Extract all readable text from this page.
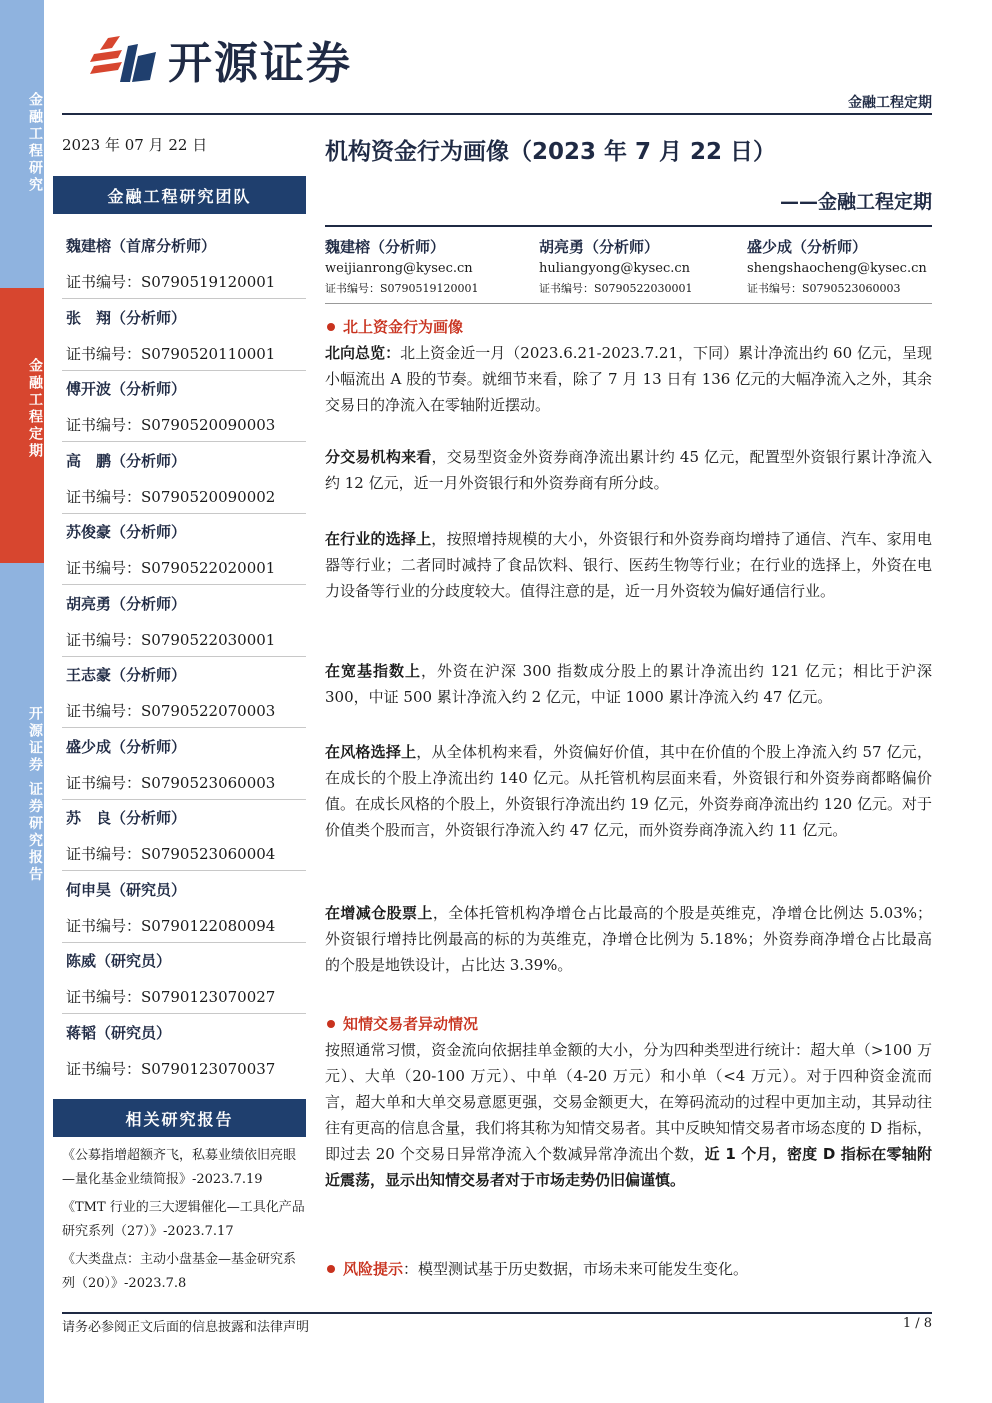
金融工程研究
金融工程定期
开源证券 证券研究报告
开源证券
金融工程定期
2023 年 07 月 22 日
金融工程研究团队
魏建榕（首席分析师）
证书编号：S0790519120001
张　翔（分析师）
证书编号：S0790520110001
傅开波（分析师）
证书编号：S0790520090003
高　鹏（分析师）
证书编号：S0790520090002
苏俊豪（分析师）
证书编号：S0790522020001
胡亮勇（分析师）
证书编号：S0790522030001
王志豪（分析师）
证书编号：S0790522070003
盛少成（分析师）
证书编号：S0790523060003
苏　良（分析师）
证书编号：S0790523060004
何申昊（研究员）
证书编号：S0790122080094
陈威（研究员）
证书编号：S0790123070027
蒋韬（研究员）
证书编号：S0790123070037
相关研究报告
《公募指增超额齐飞，私募业绩依旧亮眼—量化基金业绩简报》-2023.7.19
《TMT 行业的三大逻辑催化—工具化产品研究系列（27）》-2023.7.17
《大类盘点：主动小盘基金—基金研究系列（20）》-2023.7.8
机构资金行为画像（2023 年 7 月 22 日）
——金融工程定期
魏建榕（分析师）
weijianrong@kysec.cn
证书编号：S0790519120001
胡亮勇（分析师）
huliangyong@kysec.cn
证书编号：S0790522030001
盛少成（分析师）
shengshaocheng@kysec.cn
证书编号：S0790523060003
北上资金行为画像
北向总览：北上资金近一月（2023.6.21-2023.7.21，下同）累计净流出约 60 亿元，呈现小幅流出 A 股的节奏。就细节来看，除了 7 月 13 日有 136 亿元的大幅净流入之外，其余交易日的净流入在零轴附近摆动。
分交易机构来看，交易型资金外资券商净流出累计约 45 亿元，配置型外资银行累计净流入约 12 亿元，近一月外资银行和外资券商有所分歧。
在行业的选择上，按照增持规模的大小，外资银行和外资券商均增持了通信、汽车、家用电器等行业；二者同时减持了食品饮料、银行、医药生物等行业；在行业的选择上，外资在电力设备等行业的分歧度较大。值得注意的是，近一月外资较为偏好通信行业。
在宽基指数上，外资在沪深 300 指数成分股上的累计净流出约 121 亿元；相比于沪深 300，中证 500 累计净流入约 2 亿元，中证 1000 累计净流入约 47 亿元。
在风格选择上，从全体机构来看，外资偏好价值，其中在价值的个股上净流入约 57 亿元，在成长的个股上净流出约 140 亿元。从托管机构层面来看，外资银行和外资券商都略偏价值。在成长风格的个股上，外资银行净流出约 19 亿元，外资券商净流出约 120 亿元。对于价值类个股而言，外资银行净流入约 47 亿元，而外资券商净流入约 11 亿元。
在增减仓股票上，全体托管机构净增仓占比最高的个股是英维克，净增仓比例达 5.03%；外资银行增持比例最高的标的为英维克，净增仓比例为 5.18%；外资券商净增仓占比最高的个股是地铁设计，占比达 3.39%。
知情交易者异动情况
按照通常习惯，资金流向依据挂单金额的大小，分为四种类型进行统计：超大单（>100 万元）、大单（20-100 万元）、中单（4-20 万元）和小单（<4 万元）。对于四种资金流而言，超大单和大单交易意愿更强，交易金额更大，在筹码流动的过程中更加主动，其异动往往有更高的信息含量，我们将其称为知情交易者。其中反映知情交易者市场态度的 D 指标，即过去 20 个交易日异常净流入个数减异常净流出个数，近 1 个月，密度 D 指标在零轴附近震荡，显示出知情交易者对于市场走势仍旧偏谨慎。
风险提示 ：模型测试基于历史数据，市场未来可能发生变化。
请务必参阅正文后面的信息披露和法律声明	1 / 8
